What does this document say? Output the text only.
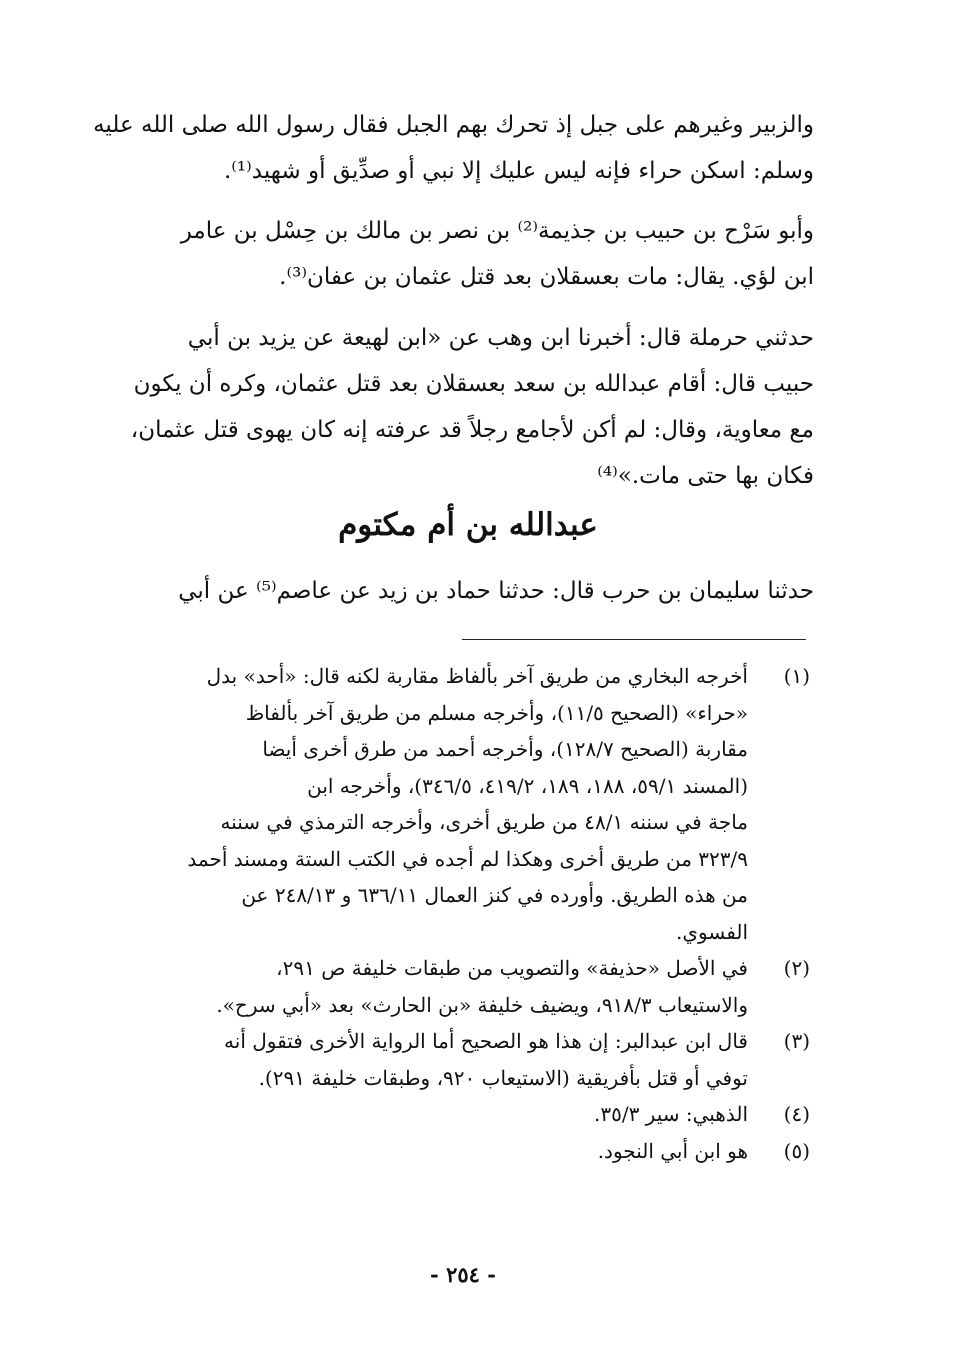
والزبير وغيرهم على جبل إذ تحرك بهم الجبل فقال رسول الله صلى الله عليه
وسلم: اسكن حراء فإنه ليس عليك إلا نبي أو صدِّيق أو شهيد⁽¹⁾.
وأبو سَرْح بن حبيب بن جذيمة⁽²⁾ بن نصر بن مالك بن حِسْل بن عامر
ابن لؤي. يقال: مات بعسقلان بعد قتل عثمان بن عفان⁽³⁾.
حدثني حرملة قال: أخبرنا ابن وهب عن «ابن لهيعة عن يزيد بن أبي
حبيب قال: أقام عبدالله بن سعد بعسقلان بعد قتل عثمان، وكره أن يكون
مع معاوية، وقال: لم أكن لأجامع رجلاً قد عرفته إنه كان يهوى قتل عثمان،
فكان بها حتى مات.»⁽⁴⁾
عبدالله بن أم مكتوم
حدثنا سليمان بن حرب قال: حدثنا حماد بن زيد عن عاصم⁽⁵⁾ عن أبي
(١)
أخرجه البخاري من طريق آخر بألفاظ مقاربة لكنه قال: «أحد» بدل
«حراء» (الصحيح ١١/٥)، وأخرجه مسلم من طريق آخر بألفاظ
مقاربة (الصحيح ١٢٨/٧)، وأخرجه أحمد من طرق أخرى أيضا
(المسند ٥٩/١، ١٨٨، ١٨٩، ٤١٩/٢، ٣٤٦/٥)، وأخرجه ابن
ماجة في سننه ٤٨/١ من طريق أخرى، وأخرجه الترمذي في سننه
٣٢٣/٩ من طريق أخرى وهكذا لم أجده في الكتب الستة ومسند أحمد
من هذه الطريق. وأورده في كنز العمال ٦٣٦/١١ و ٢٤٨/١٣ عن
الفسوي.
(٢)
في الأصل «حذيفة» والتصويب من طبقات خليفة ص ٢٩١،
والاستيعاب ٩١٨/٣، ويضيف خليفة «بن الحارث» بعد «أبي سرح».
(٣)
قال ابن عبدالبر: إن هذا هو الصحيح أما الرواية الأخرى فتقول أنه
توفي أو قتل بأفريقية (الاستيعاب ٩٢٠، وطبقات خليفة ٢٩١).
(٤)
الذهبي: سير ٣٥/٣.
(٥)
هو ابن أبي النجود.
- ٢٥٤ -
